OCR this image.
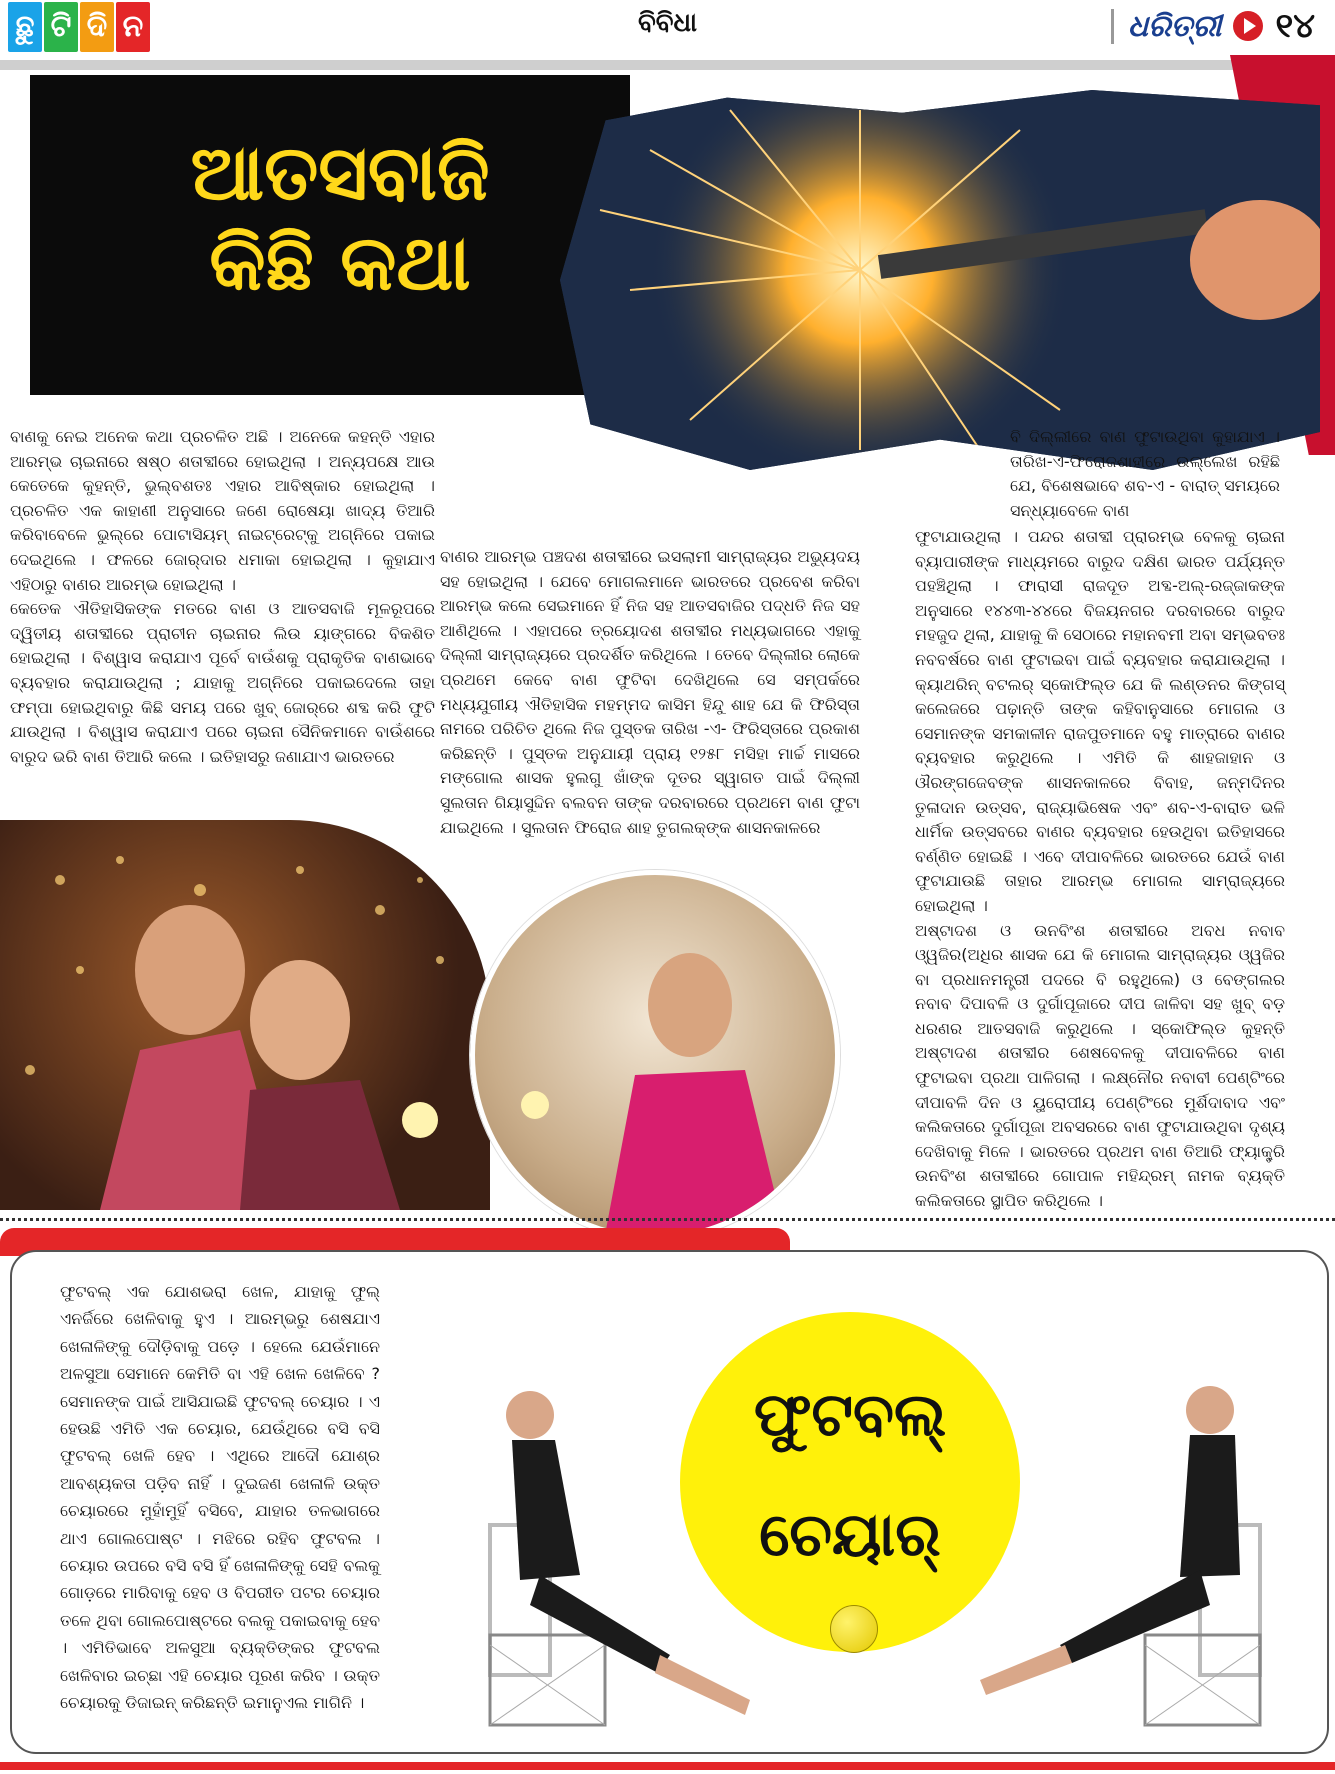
ଛୁ ଟି ଦି ନ	ବିବିଧା	ଧରିତ୍ରୀ ୧୪
ଆତସବାଜି
କିଛି କଥା

ବାଣକୁ ନେଇ ଅନେକ କଥା ପ୍ରଚଳିତ ଅଛି । ଅନେକେ କହନ୍ତି ଏହାର ଆରମ୍ଭ ଚାଇନାରେ ଷଷ୍ଠ ଶତାବ୍ଦୀରେ ହୋଇଥିଲା । ଅନ୍ୟପକ୍ଷେ ଆଉ କେତେକେ କୁହନ୍ତି, ଭୁଲ୍‌ବଶତଃ ଏହାର ଆବିଷ୍କାର ହୋଇଥିଲା । ପ୍ରଚଳିତ ଏକ କାହାଣୀ ଅନୁସାରେ ଜଣେ ରୋଷେୟା ଖାଦ୍ୟ ତିଆରି କରିବାବେଳେ ଭୁଲ୍‌ରେ ପୋଟାସିୟମ୍ ନାଇଟ୍ରେଟ୍‌କୁ ଅଗ୍ନିରେ ପକାଇ ଦେଇଥିଲେ । ଫଳରେ ଜୋର୍‌ଦାର ଧମାକା ହୋଇଥିଲା । କୁହାଯାଏ ଏହିଠାରୁ ବାଣର ଆରମ୍ଭ ହୋଇଥିଲା ।

କେତେକ ଐତିହାସିକଙ୍କ ମତରେ ବାଣ ଓ ଆତସବାଜି ମୂଳରୂପରେ ଦ୍ୱିତୀୟ ଶତାବ୍ଦୀରେ ପ୍ରାଚୀନ ଚାଇନାର ଲିଉ ୟାଙ୍ଗରେ ବିକଶିତ ହୋଇଥିଲା । ବିଶ୍ୱାସ କରାଯାଏ ପୂର୍ବେ ବାଉଁଶକୁ ପ୍ରାକୃତିକ ବାଣଭାବେ ବ୍ୟବହାର କରାଯାଉଥିଲା ; ଯାହାକୁ ଅଗ୍ନିରେ ପକାଇଦେଲେ ତାହା ଫମ୍ପା ହୋଇଥିବାରୁ କିଛି ସମୟ ପରେ ଖୁବ୍ ଜୋର୍‌ରେ ଶବ୍ଦ କରି ଫୁଟି ଯାଉଥିଲା । ବିଶ୍ୱାସ କରାଯାଏ ପରେ ଚାଇନା ସୈନିକମାନେ ବାଉଁଶରେ ବାରୁଦ ଭରି ବାଣ ତିଆରି କଲେ । ଇତିହାସରୁ ଜଣାଯାଏ ଭାରତରେ

ବାଣର ଆରମ୍ଭ ପଞ୍ଚଦଶ ଶତାବ୍ଦୀରେ ଇସଲାମୀ ସାମ୍ରାଜ୍ୟର ଅଭ୍ୟୁଦୟ ସହ ହୋଇଥିଲା । ଯେବେ ମୋଗଲମାନେ ଭାରତରେ ପ୍ରବେଶ କରିବା ଆରମ୍ଭ କଲେ ସେଇମାନେ ହିଁ ନିଜ ସହ ଆତସବାଜିର ପଦ୍ଧତି ନିଜ ସହ ଆଣିଥିଲେ । ଏହାପରେ ତ୍ରୟୋଦଶ ଶତାବ୍ଦୀର ମଧ୍ୟଭାଗରେ ଏହାକୁ ଦିଲ୍ଲୀ ସାମ୍ରାଜ୍ୟରେ ପ୍ରଦର୍ଶିତ କରିଥିଲେ । ତେବେ ଦିଲ୍ଲୀର ଲୋକେ ପ୍ରଥମେ କେବେ ବାଣ ଫୁଟିବା ଦେଖିଥିଲେ ସେ ସମ୍ପର୍କରେ ମଧ୍ୟଯୁଗୀୟ ଐତିହାସିକ ମହମ୍ମଦ କାସିମ ହିନ୍ଦୁ ଶାହ ଯେ କି ଫିରିସ୍ତା ନାମରେ ପରିଚିତ ଥିଲେ ନିଜ ପୁସ୍ତକ ତାରିଖ -ଏ- ଫିରିସ୍ତାରେ ପ୍ରକାଶ କରିଛନ୍ତି । ପୁସ୍ତକ ଅନୁଯାୟୀ ପ୍ରାୟ ୧୨୫୮ ମସିହା ମାର୍ଚ୍ଚ ମାସରେ ମଙ୍ଗୋଲ ଶାସକ ହୁଲଗୁ ଖାଁଙ୍କ ଦୂତର ସ୍ୱାଗତ ପାଇଁ ଦିଲ୍ଲୀ ସୁଲତାନ ଗିୟାସୁଦ୍ଦିନ ବଲବନ ତାଙ୍କ ଦରବାରରେ ପ୍ରଥମେ ବାଣ ଫୁଟା ଯାଇଥିଲେ । ସୁଲତାନ ଫିରୋଜ ଶାହ ତୁଗଲକ୍‌ଙ୍କ ଶାସନକାଳରେ

ବି ଦିଲ୍ଲୀରେ ବାଣ ଫୁଟାଉଥିବା କୁହାଯାଏ । ତାରିଖ-ଏ-ଫିରୋଜଶାହୀରେ ଉଲ୍ଲେଖ ରହିଛି ଯେ, ବିଶେଷଭାବେ ଶବ-ଏ - ବାରାତ୍ ସମୟରେ ସନ୍ଧ୍ୟାବେଳେ ବାଣ

ଫୁଟାଯାଉଥିଲା । ପନ୍ଦର ଶତାବ୍ଦୀ ପ୍ରାରମ୍ଭ ବେଳକୁ ଚାଇନା ବ୍ୟାପାରୀଙ୍କ ମାଧ୍ୟମରେ ବାରୁଦ ଦକ୍ଷିଣ ଭାରତ ପର୍ଯ୍ୟନ୍ତ ପହଞ୍ଚିଥିଲା । ଫାରାସୀ ରାଜଦୂତ ଅବ୍ଦ-ଅଲ୍-ରଜ୍ଜାକଙ୍କ ଅନୁସାରେ ୧୪୪୩-୪୪ରେ ବିଜୟନଗର ଦରବାରରେ ବାରୁଦ ମହଜୁଦ ଥିଲା, ଯାହାକୁ କି ସେଠାରେ ମହାନବମୀ ଅବା ସମ୍ଭବତଃ ନବବର୍ଷରେ ବାଣ ଫୁଟାଇବା ପାଇଁ ବ୍ୟବହାର କରାଯାଉଥିଲା । କ୍ୟାଥରିନ୍ ବଟଲର୍ ସ୍କୋଫିଲ୍ଡ ଯେ କି ଲଣ୍ଡନର କିଙ୍ଗସ୍ କଲେଜରେ ପଢ଼ାନ୍ତି ତାଙ୍କ କହିବାନୁସାରେ ମୋଗଲ ଓ ସେମାନଙ୍କ ସମକାଳୀନ ରାଜପୁତମାନେ ବହୁ ମାତ୍ରାରେ ବାଣର ବ୍ୟବହାର କରୁଥିଲେ । ଏମିତି କି ଶାହଜାହାନ ଓ ଔରଙ୍ଗଜେବଙ୍କ ଶାସନକାଳରେ ବିବାହ, ଜନ୍ମଦିନର ତୁଳାଦାନ ଉତ୍ସବ, ରାଜ୍ୟାଭିଷେକ ଏବଂ ଶବ-ଏ-ବାରାତ ଭଳି ଧାର୍ମିକ ଉତ୍ସବରେ ବାଣର ବ୍ୟବହାର ହେଉଥିବା ଇତିହାସରେ ବର୍ଣ୍ଣିତ ହୋଇଛି । ଏବେ ଦୀପାବଳିରେ ଭାରତରେ ଯେଉଁ ବାଣ ଫୁଟାଯାଉଛି ତାହାର ଆରମ୍ଭ ମୋଗଲ ସାମ୍ରାଜ୍ୟରେ ହୋଇଥିଲା ।

ଅଷ୍ଟାଦଶ ଓ ଉନବିଂଶ ଶତାବ୍ଦୀରେ ଅବଧ ନବାବ ଓ୍ୱଜିର(ଅଧିର ଶାସକ ଯେ କି ମୋଗଲ ସାମ୍ରାଜ୍ୟର ଓ୍ୱଜିର ବା ପ୍ରଧାନମନ୍ତ୍ରୀ ପଦରେ ବି ରହୁଥିଲେ) ଓ ବେଙ୍ଗଲର ନବାବ ଦିପାବଳି ଓ ଦୁର୍ଗାପୂଜାରେ ଦୀପ ଜାଳିବା ସହ ଖୁବ୍ ବଡ଼ ଧରଣର ଆତସବାଜି କରୁଥିଲେ । ସ୍କୋଫିଲ୍ଡ କୁହନ୍ତି ଅଷ୍ଟାଦଶ ଶତାବ୍ଦୀର ଶେଷବେଳକୁ ଦୀପାବଳିରେ ବାଣ ଫୁଟାଇବା ପ୍ରଥା ପାଳିଗଲା । ଲକ୍ଷ୍ନୌର ନବାବୀ ପେଣ୍ଟିଂରେ ଦୀପାବଳି ଦିନ ଓ ୟୁରୋପୀୟ ପେଣ୍ଟିଂରେ ମୁର୍ଶିଦାବାଦ ଏବଂ କଲିକତାରେ ଦୁର୍ଗାପୂଜା ଅବସରରେ ବାଣ ଫୁଟାଯାଉଥିବା ଦୃଶ୍ୟ ଦେଖିବାକୁ ମିଳେ । ଭାରତରେ ପ୍ରଥମ ବାଣ ତିଆରି ଫ୍ୟାକ୍ଟ୍ରି ଉନବିଂଶ ଶତାବ୍ଦୀରେ ଗୋପାଳ ମହିନ୍ଦ୍ରମ୍ ନାମକ ବ୍ୟକ୍ତି କଲିକତାରେ ସ୍ଥାପିତ କରିଥିଲେ ।

ଫୁଟବଲ୍ ଏକ ଯୋଶଭରା ଖେଳ, ଯାହାକୁ ଫୁଲ୍ ଏନର୍ଜିରେ ଖେଳିବାକୁ ହୁଏ । ଆରମ୍ଭରୁ ଶେଷଯାଏ ଖେଳାଳିଙ୍କୁ ଦୌଡ଼ିବାକୁ ପଡ଼େ । ହେଲେ ଯେଉଁମାନେ ଅଳସୁଆ ସେମାନେ କେମିତି ବା ଏହି ଖେଳ ଖେଳିବେ ? ସେମାନଙ୍କ ପାଇଁ ଆସିଯାଇଛି ଫୁଟବଲ୍ ଚେୟାର । ଏ ହେଉଛି ଏମିତି ଏକ ଚେୟାର, ଯେଉଁଥିରେ ବସି ବସି ଫୁଟବଲ୍ ଖେଳି ହେବ । ଏଥିରେ ଆଦୌ ଯୋଶ୍‌ର ଆବଶ୍ୟକତା ପଡ଼ିବ ନାହିଁ । ଦୁଇଜଣ ଖେଳାଳି ଉକ୍ତ ଚେୟାରରେ ମୁହାଁମୁହିଁ ବସିବେ, ଯାହାର ତଳଭାଗରେ ଥାଏ ଗୋଲପୋଷ୍ଟ । ମଝିରେ ରହିବ ଫୁଟବଲ । ଚେୟାର ଉପରେ ବସି ବସି ହିଁ ଖେଳାଳିଙ୍କୁ ସେହି ବଲକୁ ଗୋଡ଼ରେ ମାରିବାକୁ ହେବ ଓ ବିପରୀତ ପଟର ଚେୟାର ତଳେ ଥିବା ଗୋଲପୋଷ୍ଟରେ ବଲକୁ ପକାଇବାକୁ ହେବ । ଏମିତିଭାବେ ଅଳସୁଆ ବ୍ୟକ୍ତିଙ୍କର ଫୁଟବଲ ଖେଳିବାର ଇଚ୍ଛା ଏହି ଚେୟାର ପୂରଣ କରିବ । ଉକ୍ତ ଚେୟାରକୁ ଡିଜାଇନ୍ କରିଛନ୍ତି ଇମାନୁଏଲ ମାଗିନି ।

ଫୁଟବଲ୍
ଚେୟାର୍
